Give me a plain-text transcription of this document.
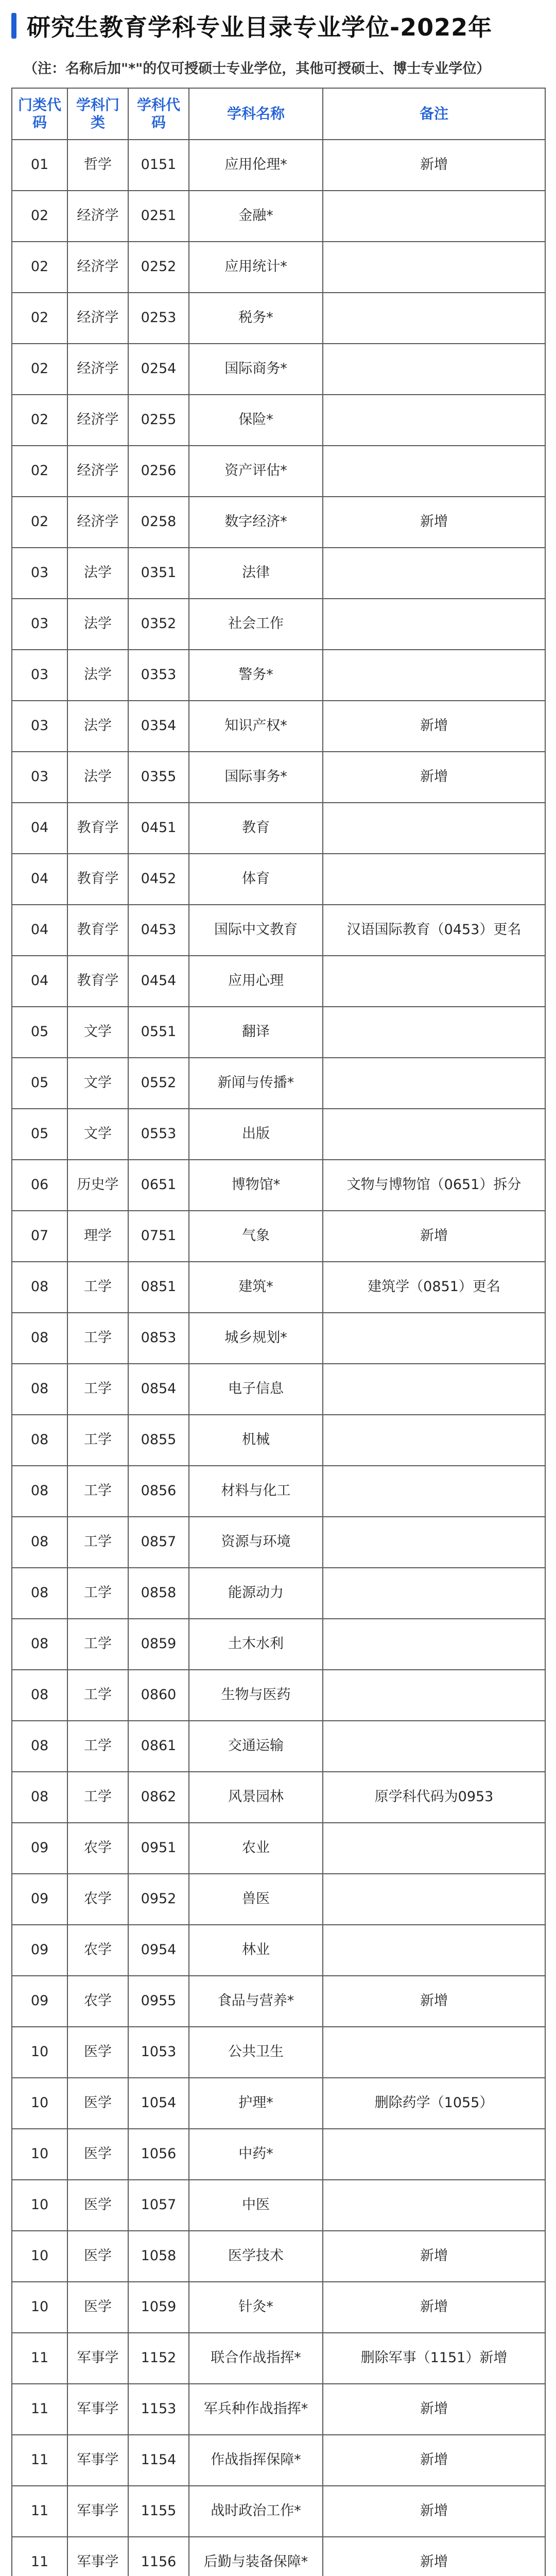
研究生教育学科专业目录专业学位-2022年
（注：名称后加"*"的仅可授硕士专业学位，其他可授硕士、博士专业学位）
门类代码	学科门类	学科代码	学科名称	备注
01	哲学	0151	应用伦理*	新增
02	经济学	0251	金融*	
02	经济学	0252	应用统计*	
02	经济学	0253	税务*	
02	经济学	0254	国际商务*	
02	经济学	0255	保险*	
02	经济学	0256	资产评估*	
02	经济学	0258	数字经济*	新增
03	法学	0351	法律	
03	法学	0352	社会工作	
03	法学	0353	警务*	
03	法学	0354	知识产权*	新增
03	法学	0355	国际事务*	新增
04	教育学	0451	教育	
04	教育学	0452	体育	
04	教育学	0453	国际中文教育	汉语国际教育（0453）更名
04	教育学	0454	应用心理	
05	文学	0551	翻译	
05	文学	0552	新闻与传播*	
05	文学	0553	出版	
06	历史学	0651	博物馆*	文物与博物馆（0651）拆分
07	理学	0751	气象	新增
08	工学	0851	建筑*	建筑学（0851）更名
08	工学	0853	城乡规划*	
08	工学	0854	电子信息	
08	工学	0855	机械	
08	工学	0856	材料与化工	
08	工学	0857	资源与环境	
08	工学	0858	能源动力	
08	工学	0859	土木水利	
08	工学	0860	生物与医药	
08	工学	0861	交通运输	
08	工学	0862	风景园林	原学科代码为0953
09	农学	0951	农业	
09	农学	0952	兽医	
09	农学	0954	林业	
09	农学	0955	食品与营养*	新增
10	医学	1053	公共卫生	
10	医学	1054	护理*	删除药学（1055）
10	医学	1056	中药*	
10	医学	1057	中医	
10	医学	1058	医学技术	新增
10	医学	1059	针灸*	新增
11	军事学	1152	联合作战指挥*	删除军事（1151）新增
11	军事学	1153	军兵种作战指挥*	新增
11	军事学	1154	作战指挥保障*	新增
11	军事学	1155	战时政治工作*	新增
11	军事学	1156	后勤与装备保障*	新增
